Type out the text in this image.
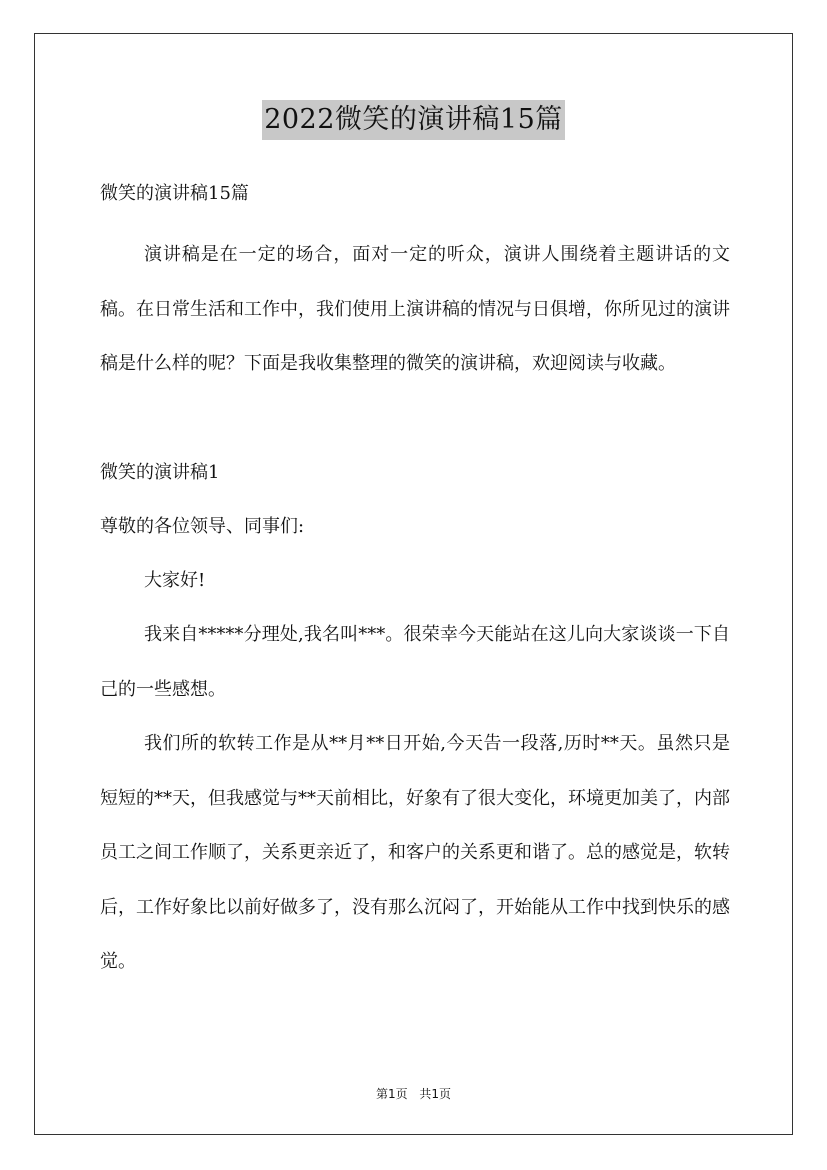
2022微笑的演讲稿15篇

微笑的演讲稿15篇

演讲稿是在一定的场合，面对一定的听众，演讲人围绕着主题讲话的文稿。在日常生活和工作中，我们使用上演讲稿的情况与日俱增，你所见过的演讲稿是什么样的呢？下面是我收集整理的微笑的演讲稿，欢迎阅读与收藏。

微笑的演讲稿1

尊敬的各位领导、同事们:

大家好!

我来自*****分理处,我名叫***。很荣幸今天能站在这儿向大家谈谈一下自己的一些感想。

我们所的软转工作是从**月**日开始,今天告一段落,历时**天。虽然只是短短的**天，但我感觉与**天前相比，好象有了很大变化，环境更加美了，内部员工之间工作顺了，关系更亲近了，和客户的关系更和谐了。总的感觉是，软转后，工作好象比以前好做多了，没有那么沉闷了，开始能从工作中找到快乐的感觉。

第1页 共1页
